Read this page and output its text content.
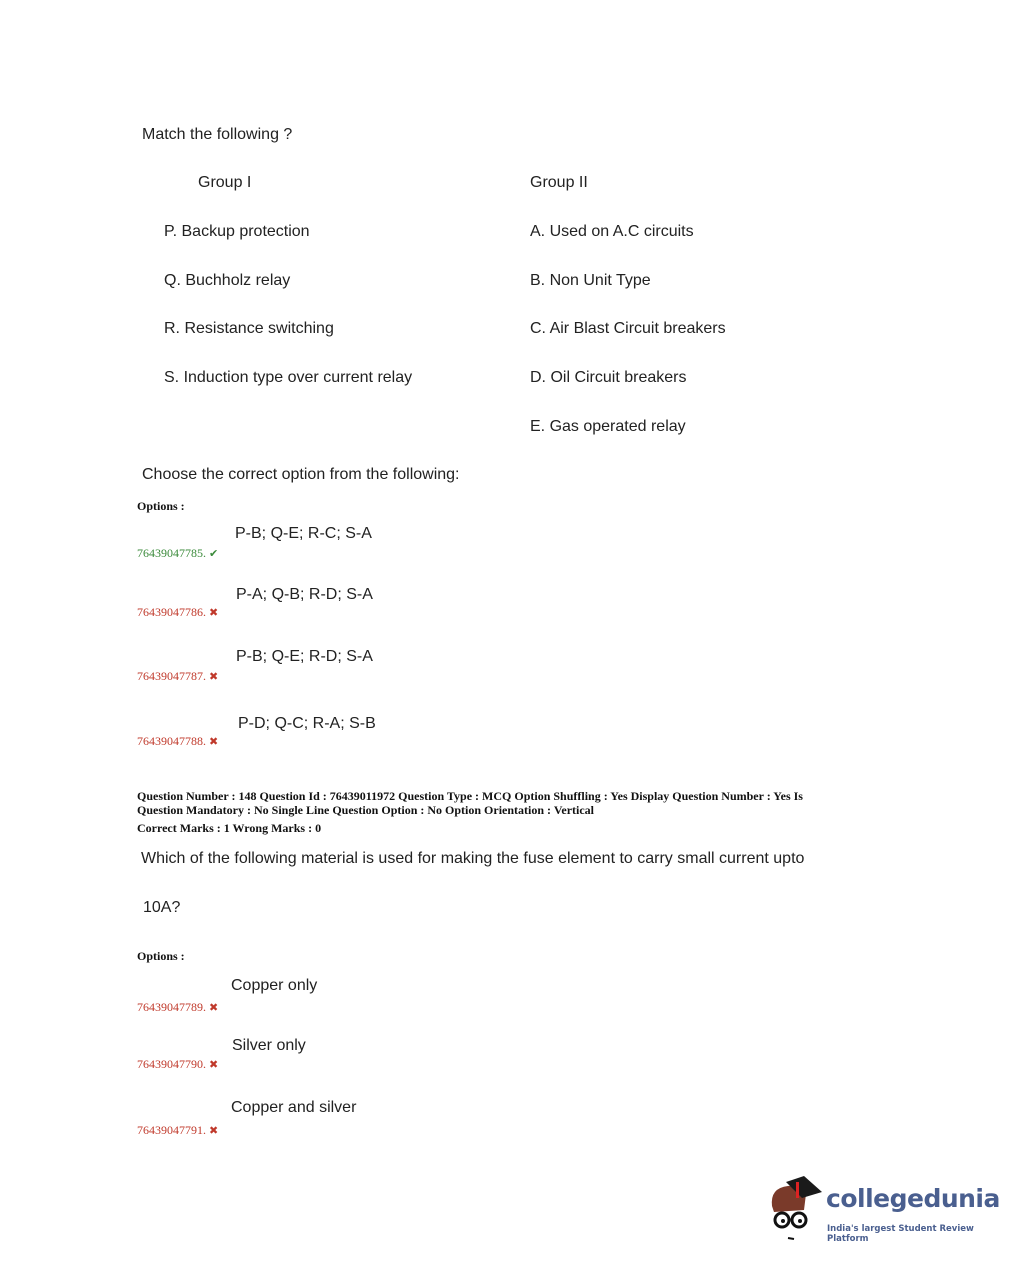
Match the following ?
Group I	Group II
P. Backup protection
Q. Buchholz relay
R. Resistance switching
S. Induction type over current relay
A. Used on A.C circuits
B. Non Unit Type
C. Air Blast Circuit breakers
D. Oil Circuit breakers
E. Gas operated relay
Choose the correct option from the following:
Options :
P-B; Q-E; R-C; S-A
76439047785. ✔
P-A; Q-B; R-D; S-A
76439047786. ✖
P-B; Q-E; R-D; S-A
76439047787. ✖
P-D; Q-C; R-A; S-B
76439047788. ✖
Question Number : 148 Question Id : 76439011972 Question Type : MCQ Option Shuffling : Yes Display Question Number : Yes Is
Question Mandatory : No Single Line Question Option : No Option Orientation : Vertical
Correct Marks : 1 Wrong Marks : 0
Which of the following material is used for making the fuse element to carry small current upto
10A?
Options :
Copper only
76439047789. ✖
Silver only
76439047790. ✖
Copper and silver
76439047791. ✖
collegedunia
India's largest Student Review Platform
